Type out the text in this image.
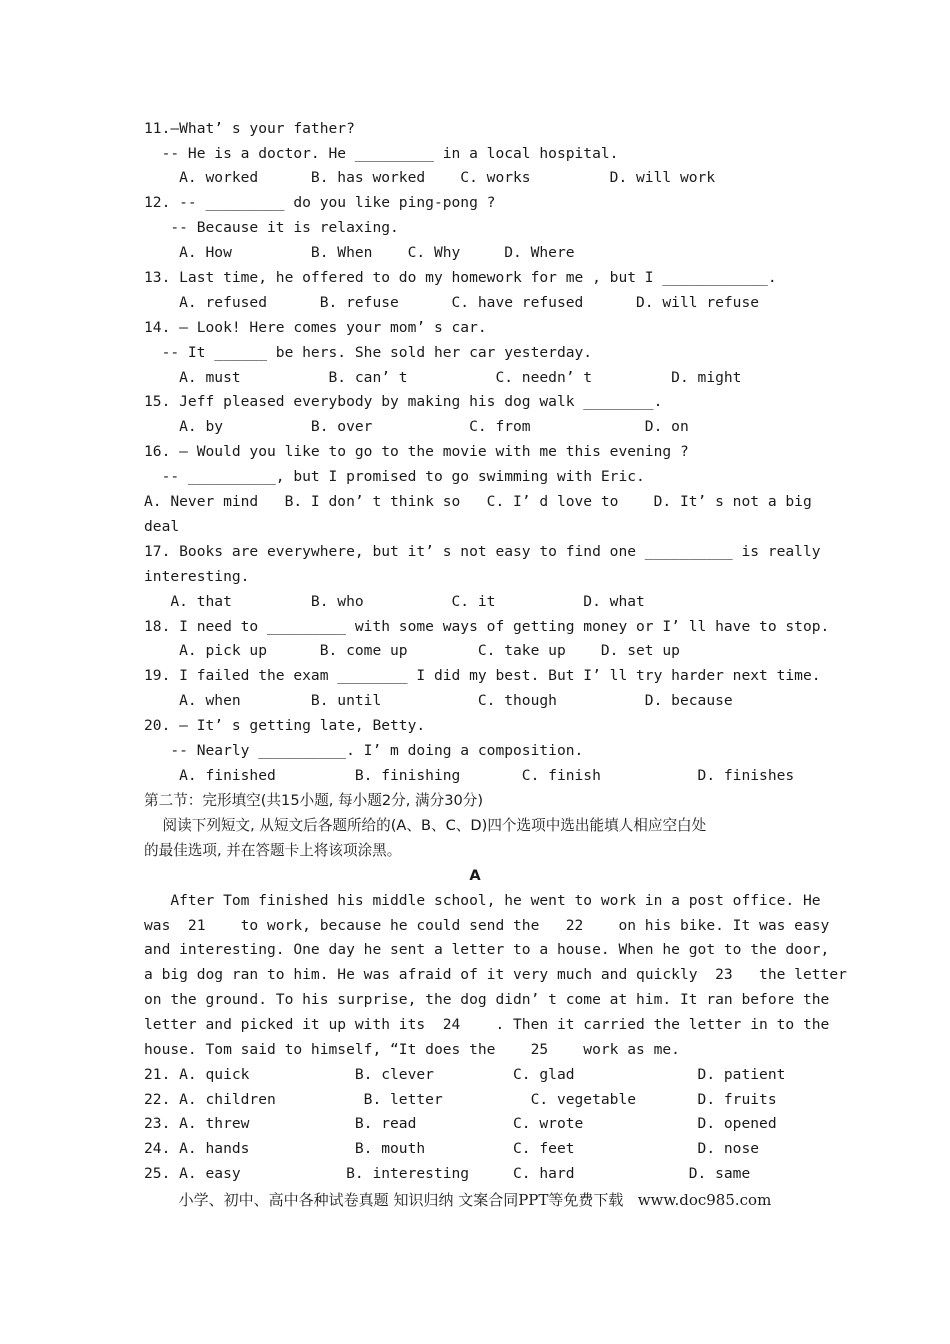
11.—What’ s your father?
-- He is a doctor. He _________ in a local hospital.
A. worked      B. has worked    C. works         D. will work
12. -- _________ do you like ping-pong ?
-- Because it is relaxing.
A. How         B. When    C. Why     D. Where
13. Last time, he offered to do my homework for me , but I ____________.
A. refused      B. refuse      C. have refused      D. will refuse
14. – Look! Here comes your mom’ s car.
-- It ______ be hers. She sold her car yesterday.
A. must          B. can’ t          C. needn’ t         D. might
15. Jeff pleased everybody by making his dog walk ________.
A. by          B. over           C. from             D. on
16. – Would you like to go to the movie with me this evening ?
-- __________, but I promised to go swimming with Eric.
A. Never mind   B. I don’ t think so   C. I’ d love to    D. It’ s not a big
deal
17. Books are everywhere, but it’ s not easy to find one __________ is really
interesting.
A. that         B. who          C. it          D. what
18. I need to _________ with some ways of getting money or I’ ll have to stop.
A. pick up      B. come up        C. take up    D. set up
19. I failed the exam ________ I did my best. But I’ ll try harder next time.
A. when        B. until           C. though          D. because
20. – It’ s getting late, Betty.
-- Nearly __________. I’ m doing a composition.
A. finished         B. finishing       C. finish           D. finishes
第二节：完形填空(共15小题, 每小题2分, 满分30分)
阅读下列短文, 从短文后各题所给的(A、B、C、D)四个选项中选出能填人相应空白处
的最佳选项, 并在答题卡上将该项涂黑。
A
After Tom finished his middle school, he went to work in a post office. He
was  21    to work, because he could send the   22    on his bike. It was easy
and interesting. One day he sent a letter to a house. When he got to the door,
a big dog ran to him. He was afraid of it very much and quickly  23   the letter
on the ground. To his surprise, the dog didn’ t come at him. It ran before the
letter and picked it up with its  24    . Then it carried the letter in to the
house. Tom said to himself, “It does the    25    work as me.
21. A. quick            B. clever         C. glad              D. patient
22. A. children          B. letter          C. vegetable       D. fruits
23. A. threw            B. read           C. wrote             D. opened
24. A. hands            B. mouth          C. feet              D. nose
25. A. easy            B. interesting     C. hard             D. same
小学、初中、高中各种试卷真题 知识归纳 文案合同PPT等免费下载   www.doc985.com
